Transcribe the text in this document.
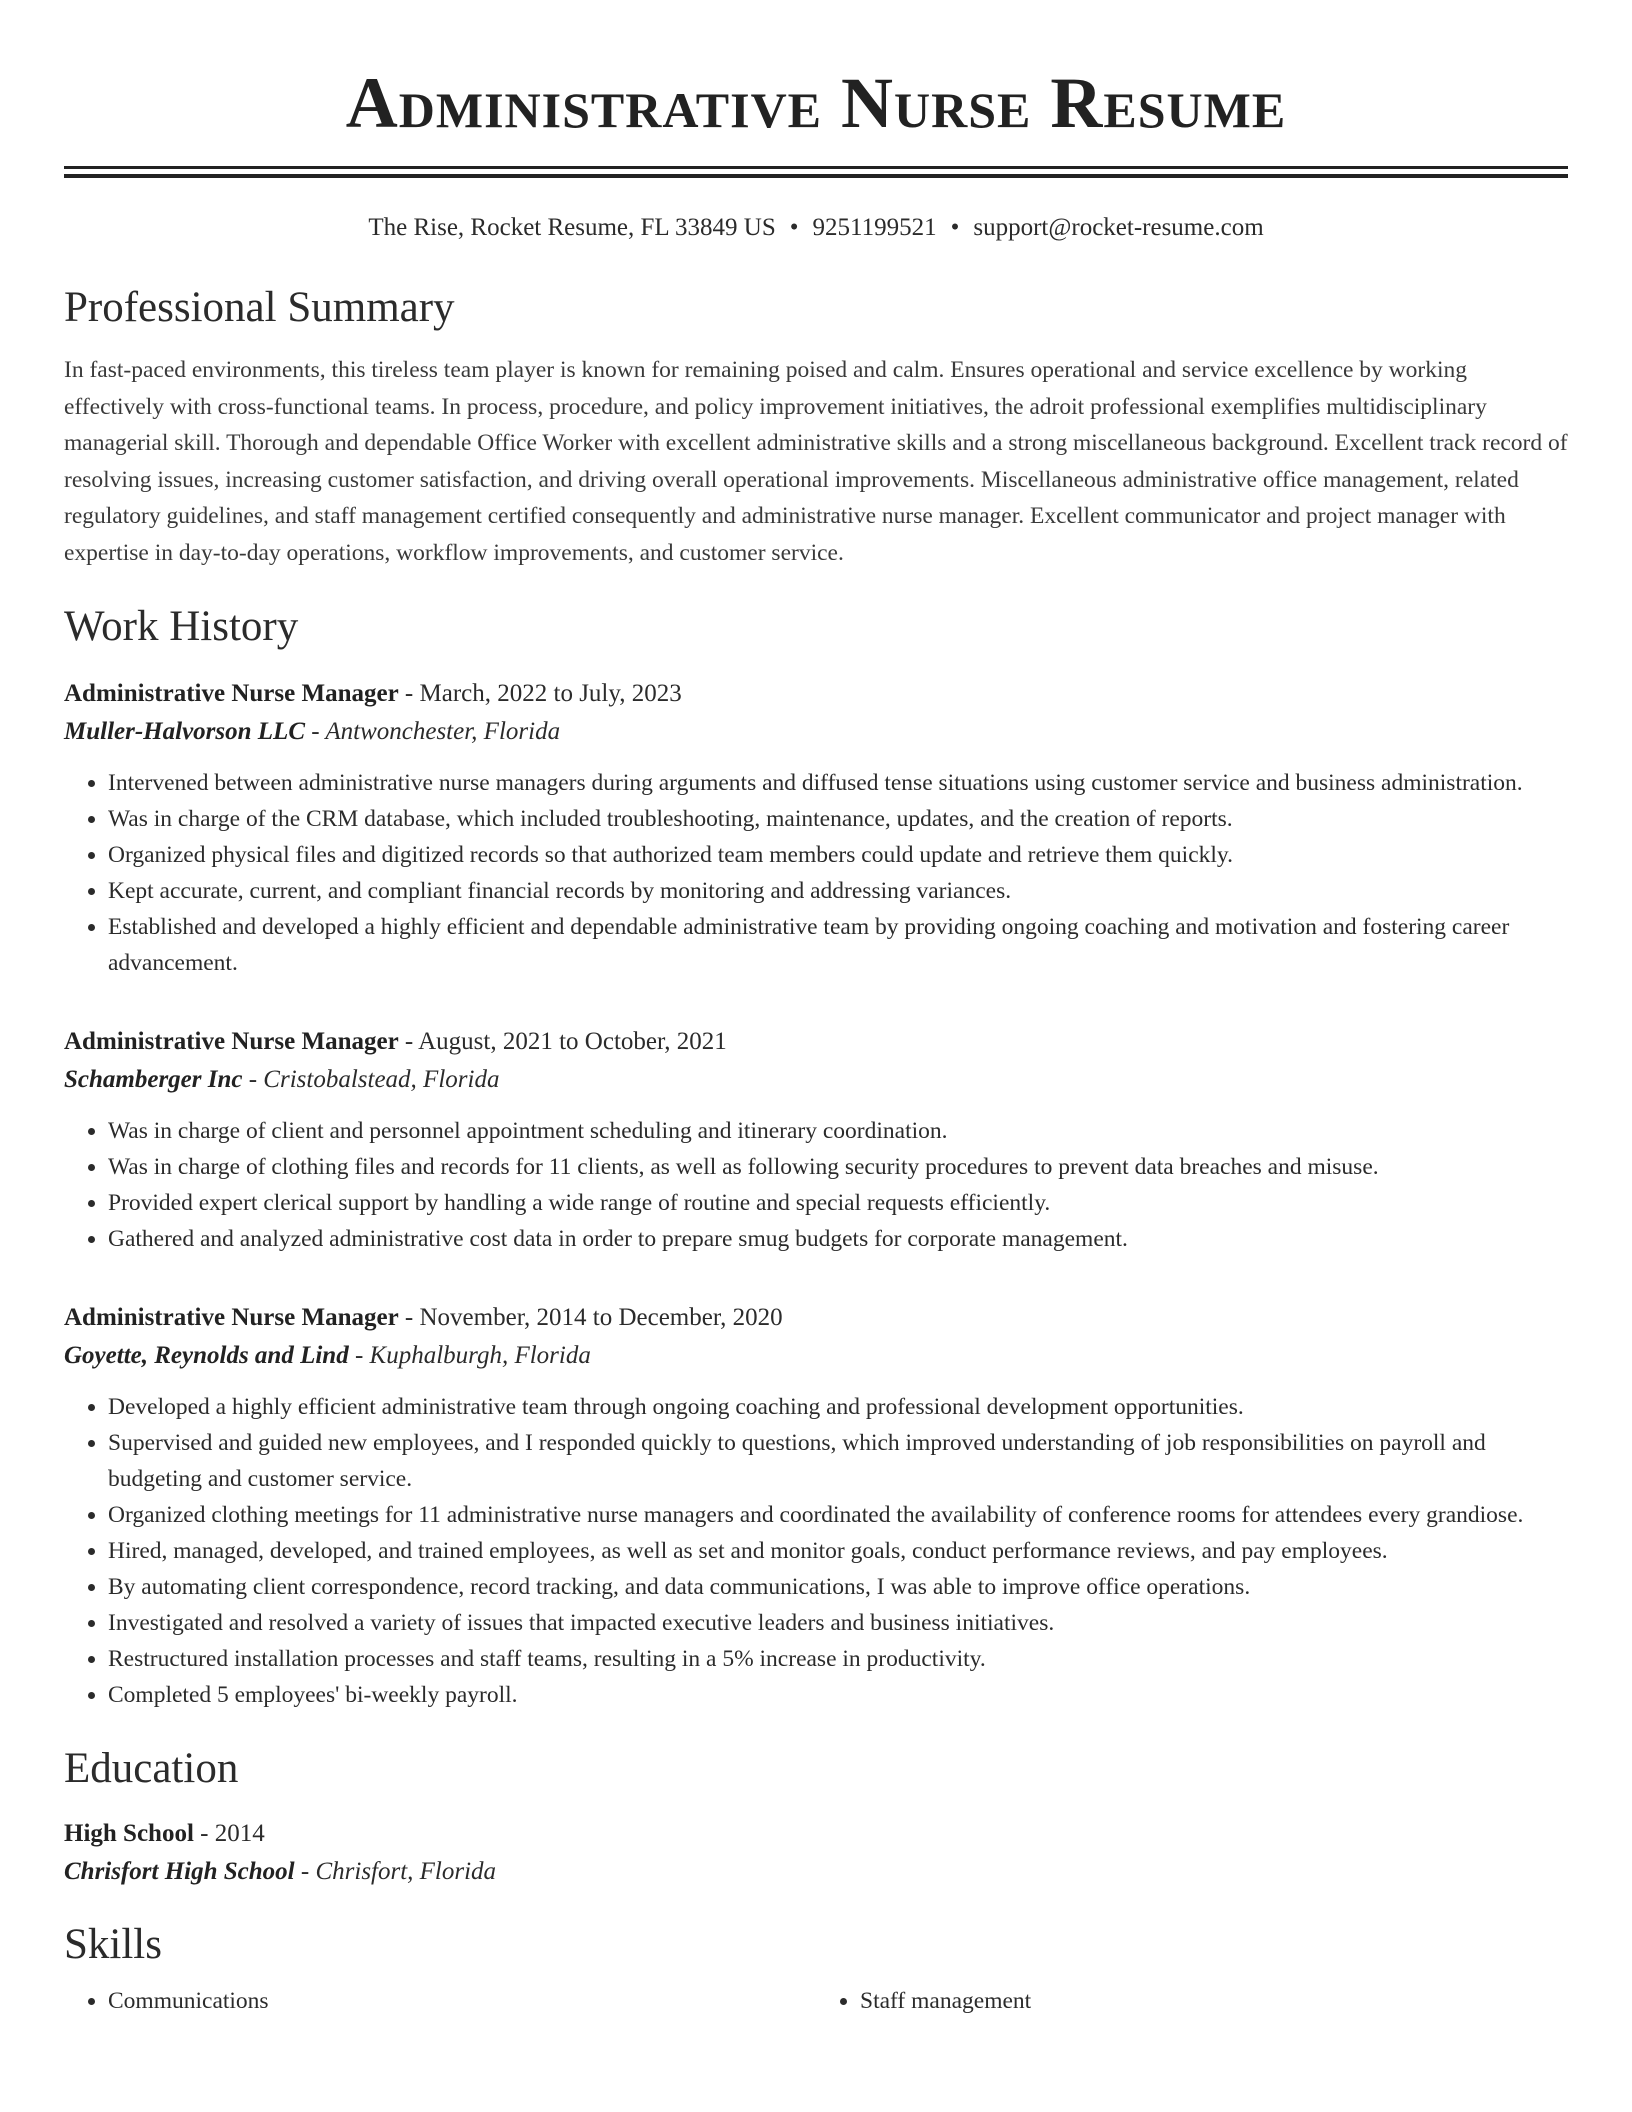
Administrative Nurse Resume
The Rise, Rocket Resume, FL 33849 US • 9251199521 • support@rocket-resume.com
Professional Summary

In fast-paced environments, this tireless team player is known for remaining poised and calm. Ensures operational and service excellence by working effectively with cross-functional teams. In process, procedure, and policy improvement initiatives, the adroit professional exemplifies multidisciplinary managerial skill. Thorough and dependable Office Worker with excellent administrative skills and a strong miscellaneous background. Excellent track record of resolving issues, increasing customer satisfaction, and driving overall operational improvements. Miscellaneous administrative office management, related regulatory guidelines, and staff management certified consequently and administrative nurse manager. Excellent communicator and project manager with expertise in day-to-day operations, workflow improvements, and customer service.

Work History
Administrative Nurse Manager - March, 2022 to July, 2023
Muller-Halvorson LLC - Antwonchester, Florida
• Intervened between administrative nurse managers during arguments and diffused tense situations using customer service and business administration.
• Was in charge of the CRM database, which included troubleshooting, maintenance, updates, and the creation of reports.
• Organized physical files and digitized records so that authorized team members could update and retrieve them quickly.
• Kept accurate, current, and compliant financial records by monitoring and addressing variances.
• Established and developed a highly efficient and dependable administrative team by providing ongoing coaching and motivation and fostering career advancement.
Administrative Nurse Manager - August, 2021 to October, 2021
Schamberger Inc - Cristobalstead, Florida
• Was in charge of client and personnel appointment scheduling and itinerary coordination.
• Was in charge of clothing files and records for 11 clients, as well as following security procedures to prevent data breaches and misuse.
• Provided expert clerical support by handling a wide range of routine and special requests efficiently.
• Gathered and analyzed administrative cost data in order to prepare smug budgets for corporate management.
Administrative Nurse Manager - November, 2014 to December, 2020
Goyette, Reynolds and Lind - Kuphalburgh, Florida
• Developed a highly efficient administrative team through ongoing coaching and professional development opportunities.
• Supervised and guided new employees, and I responded quickly to questions, which improved understanding of job responsibilities on payroll and budgeting and customer service.
• Organized clothing meetings for 11 administrative nurse managers and coordinated the availability of conference rooms for attendees every grandiose.
• Hired, managed, developed, and trained employees, as well as set and monitor goals, conduct performance reviews, and pay employees.
• By automating client correspondence, record tracking, and data communications, I was able to improve office operations.
• Investigated and resolved a variety of issues that impacted executive leaders and business initiatives.
• Restructured installation processes and staff teams, resulting in a 5% increase in productivity.
• Completed 5 employees' bi-weekly payroll.
Education
High School - 2014
Chrisfort High School - Chrisfort, Florida
Skills
• Communications
•	Staff management
